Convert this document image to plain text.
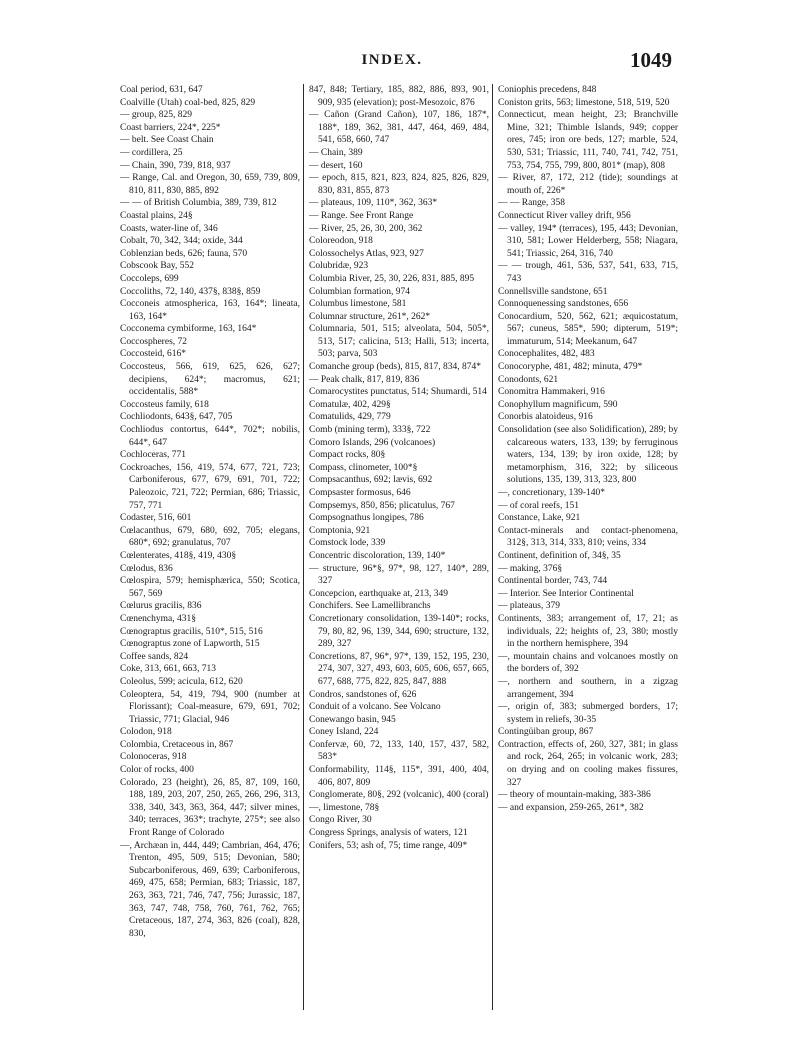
INDEX.	1049

Coal period, 631, 647

Coalville (Utah) coal-bed, 825, 829

— group, 825, 829

Coast barriers, 224*, 225*

— belt. See Coast Chain

— cordillera, 25

— Chain, 390, 739, 818, 937

— Range, Cal. and Oregon, 30, 659, 739, 809, 810, 811, 830, 885, 892

— — of British Columbia, 389, 739, 812

Coastal plains, 24§

Coasts, water-line of, 346

Cobalt, 70, 342, 344; oxide, 344

Coblenzian beds, 626; fauna, 570

Cobscook Bay, 552

Coccoleps, 699

Coccoliths, 72, 140, 437§, 838§, 859

Cocconeis atmospherica, 163, 164*; lineata, 163, 164*

Cocconema cymbiforme, 163, 164*

Coccospheres, 72

Coccosteid, 616*

Coccosteus, 566, 619, 625, 626, 627; decipiens, 624*; macromus, 621; occidentalis, 588*

Coccosteus family, 618

Cochliodonts, 643§, 647, 705

Cochliodus contortus, 644*, 702*; nobilis, 644*, 647

Cochloceras, 771

Cockroaches, 156, 419, 574, 677, 721, 723; Carboniferous, 677, 679, 691, 701, 722; Paleozoic, 721, 722; Permian, 686; Triassic, 757, 771

Codaster, 516, 601

Cœlacanthus, 679, 680, 692, 705; elegans, 680*, 692; granulatus, 707

Cœlenterates, 418§, 419, 430§

Cœlodus, 836

Cœlospira, 579; hemisphærica, 550; Scotica, 567, 569

Cœlurus gracilis, 836

Cœnenchyma, 431§

Cœnograptus gracilis, 510*, 515, 516

Cœnograptus zone of Lapworth, 515

Coffee sands, 824

Coke, 313, 661, 663, 713

Coleolus, 599; acicula, 612, 620

Coleoptera, 54, 419, 794, 900 (number at Florissant); Coal-measure, 679, 691, 702; Triassic, 771; Glacial, 946

Colodon, 918

Colombia, Cretaceous in, 867

Colonoceras, 918

Color of rocks, 400

Colorado, 23 (height), 26, 85, 87, 109, 160, 188, 189, 203, 207, 250, 265, 266, 296, 313, 338, 340, 343, 363, 364, 447; silver mines, 340; terraces, 363*; trachyte, 275*; see also Front Range of Colorado

—, Archæan in, 444, 449; Cambrian, 464, 476; Trenton, 495, 509, 515; Devonian, 580; Subcarboniferous, 469, 639; Carboniferous, 469, 475, 658; Permian, 683; Triassic, 187, 263, 363, 721, 746, 747, 756; Jurassic, 187, 363, 747, 748, 758, 760, 761, 762, 765; Cretaceous, 187, 274, 363, 826 (coal), 828, 830,

847, 848; Tertiary, 185, 882, 886, 893, 901, 909, 935 (elevation); post-Mesozoic, 876

— Cañon (Grand Cañon), 107, 186, 187*, 188*, 189, 362, 381, 447, 464, 469, 484, 541, 658, 660, 747

— Chain, 389

— desert, 160

— epoch, 815, 821, 823, 824, 825, 826, 829, 830, 831, 855, 873

— plateaus, 109, 110*, 362, 363*

— Range. See Front Range

— River, 25, 26, 30, 200, 362

Coloreodon, 918

Colossochelys Atlas, 923, 927

Colubridæ, 923

Columbia River, 25, 30, 226, 831, 885, 895

Columbian formation, 974

Columbus limestone, 581

Columnar structure, 261*, 262*

Columnaria, 501, 515; alveolata, 504, 505*, 513, 517; calicina, 513; Halli, 513; incerta, 503; parva, 503

Comanche group (beds), 815, 817, 834, 874*

— Peak chalk, 817, 819, 836

Comarocystites punctatus, 514; Shumardi, 514

Comatulæ, 402, 429§

Comatulids, 429, 779

Comb (mining term), 333§, 722

Comoro Islands, 296 (volcanoes)

Compact rocks, 80§

Compass, clinometer, 100*§

Compsacanthus, 692; lævis, 692

Compsaster formosus, 646

Compsemys, 850, 856; plicatulus, 767

Compsognathus longipes, 786

Comptonia, 921

Comstock lode, 339

Concentric discoloration, 139, 140*

— structure, 96*§, 97*, 98, 127, 140*, 289, 327

Concepcion, earthquake at, 213, 349

Conchifers. See Lamellibranchs

Concretionary consolidation, 139-140*; rocks, 79, 80, 82, 96, 139, 344, 690; structure, 132, 289, 327

Concretions, 87, 96*, 97*, 139, 152, 195, 230, 274, 307, 327, 493, 603, 605, 606, 657, 665, 677, 688, 775, 822, 825, 847, 888

Condros, sandstones of, 626

Conduit of a volcano. See Volcano

Conewango basin, 945

Coney Island, 224

Confervæ, 60, 72, 133, 140, 157, 437, 582, 583*

Conformability, 114§, 115*, 391, 400, 404, 406, 807, 809

Conglomerate, 80§, 292 (volcanic), 400 (coral)

—, limestone, 78§

Congo River, 30

Congress Springs, analysis of waters, 121

Conifers, 53; ash of, 75; time range, 409*

Coniophis precedens, 848

Coniston grits, 563; limestone, 518, 519, 520

Connecticut, mean height, 23; Branchville Mine, 321; Thimble Islands, 949; copper ores, 745; iron ore beds, 127; marble, 524, 530, 531; Triassic, 111, 740, 741, 742, 751, 753, 754, 755, 799, 800, 801* (map), 808

— River, 87, 172, 212 (tide); soundings at mouth of, 226*

— — Range, 358

Connecticut River valley drift, 956

— valley, 194* (terraces), 195, 443; Devonian, 310, 581; Lower Helderberg, 558; Niagara, 541; Triassic, 264, 316, 740

— — trough, 461, 536, 537, 541, 633, 715, 743

Connellsville sandstone, 651

Connoquenessing sandstones, 656

Conocardium, 520, 562, 621; æquicostatum, 567; cuneus, 585*, 590; dipterum, 519*; immaturum, 514; Meekanum, 647

Conocephalites, 482, 483

Conocoryphe, 481, 482; minuta, 479*

Conodonts, 621

Conomitra Hammakeri, 916

Conophyllum magnificum, 590

Conorbis alatoideus, 916

Consolidation (see also Solidification), 289; by calcareous waters, 133, 139; by ferruginous waters, 134, 139; by iron oxide, 128; by metamorphism, 316, 322; by siliceous solutions, 135, 139, 313, 323, 800

—, concretionary, 139-140*

— of coral reefs, 151

Constance, Lake, 921

Contact-minerals and contact-phenomena, 312§, 313, 314, 333, 810; veins, 334

Continent, definition of, 34§, 35

— making, 376§

Continental border, 743, 744

— Interior. See Interior Continental

— plateaus, 379

Continents, 383; arrangement of, 17, 21; as individuals, 22; heights of, 23, 380; mostly in the northern hemisphere, 394

—, mountain chains and volcanoes mostly on the borders of, 392

—, northern and southern, in a zigzag arrangement, 394

—, origin of, 383; submerged borders, 17; system in reliefs, 30-35

Contingüiban group, 867

Contraction, effects of, 260, 327, 381; in glass and rock, 264, 265; in volcanic work, 283; on drying and on cooling makes fissures, 327

— theory of mountain-making, 383-386

— and expansion, 259-265, 261*, 382
